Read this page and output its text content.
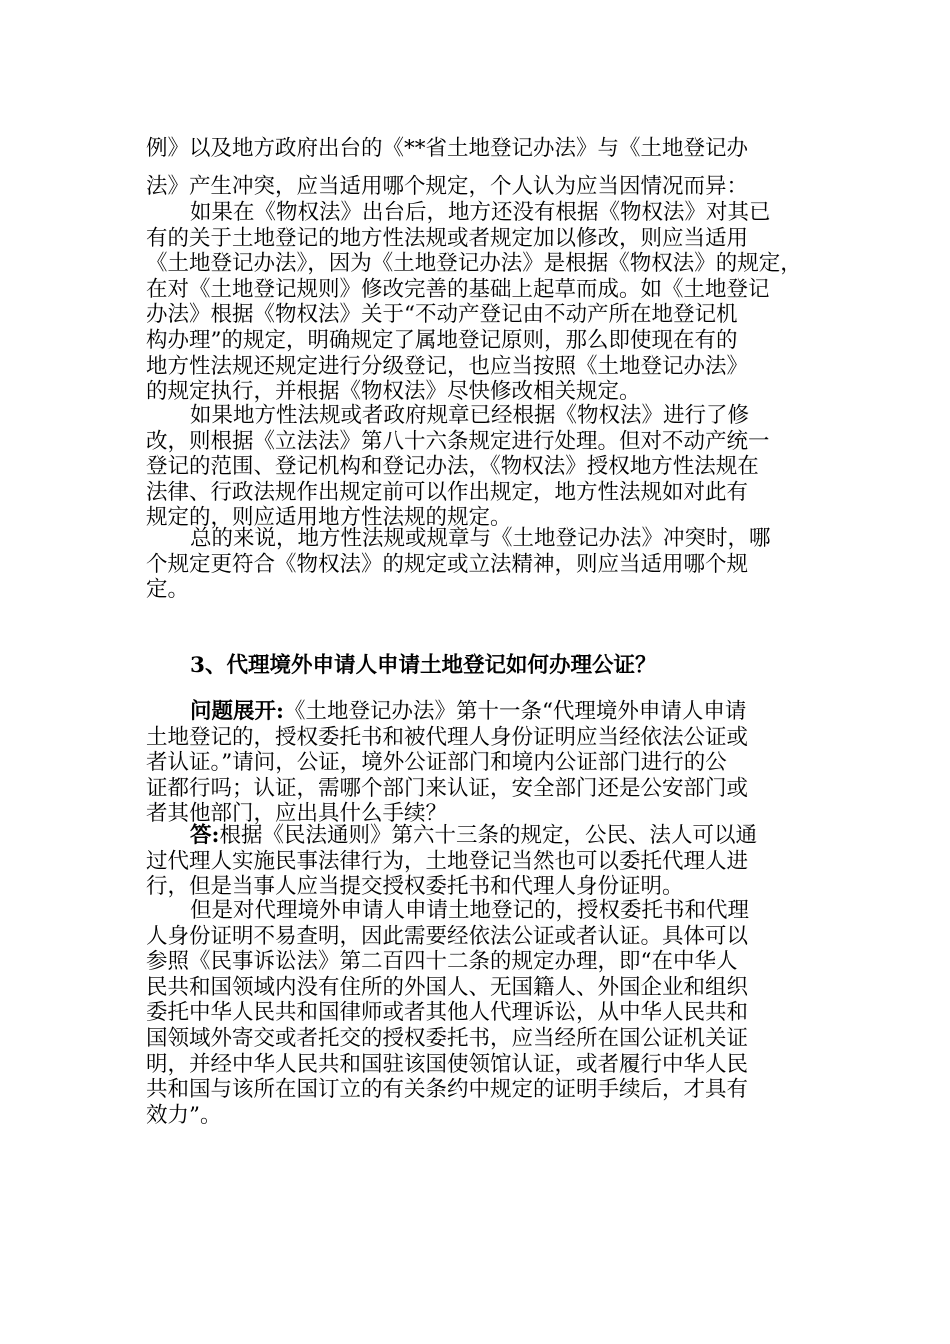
例》以及地方政府出台的《**省土地登记办法》与《土地登记办
法》产生冲突，应当适用哪个规定，个人认为应当因情况而异：
如果在《物权法》出台后，地方还没有根据《物权法》对其已
有的关于土地登记的地方性法规或者规定加以修改，则应当适用
《土地登记办法》，因为《土地登记办法》是根据《物权法》的规定，
在对《土地登记规则》修改完善的基础上起草而成。如《土地登记
办法》根据《物权法》关于“不动产登记由不动产所在地登记机
构办理”的规定，明确规定了属地登记原则，那么即使现在有的
地方性法规还规定进行分级登记，也应当按照《土地登记办法》
的规定执行，并根据《物权法》尽快修改相关规定。
如果地方性法规或者政府规章已经根据《物权法》进行了修
改，则根据《立法法》第八十六条规定进行处理。但对不动产统一
登记的范围、登记机构和登记办法，《物权法》授权地方性法规在
法律、行政法规作出规定前可以作出规定，地方性法规如对此有
规定的，则应适用地方性法规的规定。
总的来说，地方性法规或规章与《土地登记办法》冲突时，哪
个规定更符合《物权法》的规定或立法精神，则应当适用哪个规
定。
3、代理境外申请人申请土地登记如何办理公证？
问题展开:《土地登记办法》第十一条“代理境外申请人申请
土地登记的，授权委托书和被代理人身份证明应当经依法公证或
者认证。”请问，公证，境外公证部门和境内公证部门进行的公
证都行吗；认证，需哪个部门来认证，安全部门还是公安部门或
者其他部门，应出具什么手续？
答:根据《民法通则》第六十三条的规定，公民、法人可以通
过代理人实施民事法律行为，土地登记当然也可以委托代理人进
行，但是当事人应当提交授权委托书和代理人身份证明。
但是对代理境外申请人申请土地登记的，授权委托书和代理
人身份证明不易查明，因此需要经依法公证或者认证。具体可以
参照《民事诉讼法》第二百四十二条的规定办理，即“在中华人
民共和国领域内没有住所的外国人、无国籍人、外国企业和组织
委托中华人民共和国律师或者其他人代理诉讼，从中华人民共和
国领域外寄交或者托交的授权委托书，应当经所在国公证机关证
明，并经中华人民共和国驻该国使领馆认证，或者履行中华人民
共和国与该所在国订立的有关条约中规定的证明手续后，才具有
效力”。
